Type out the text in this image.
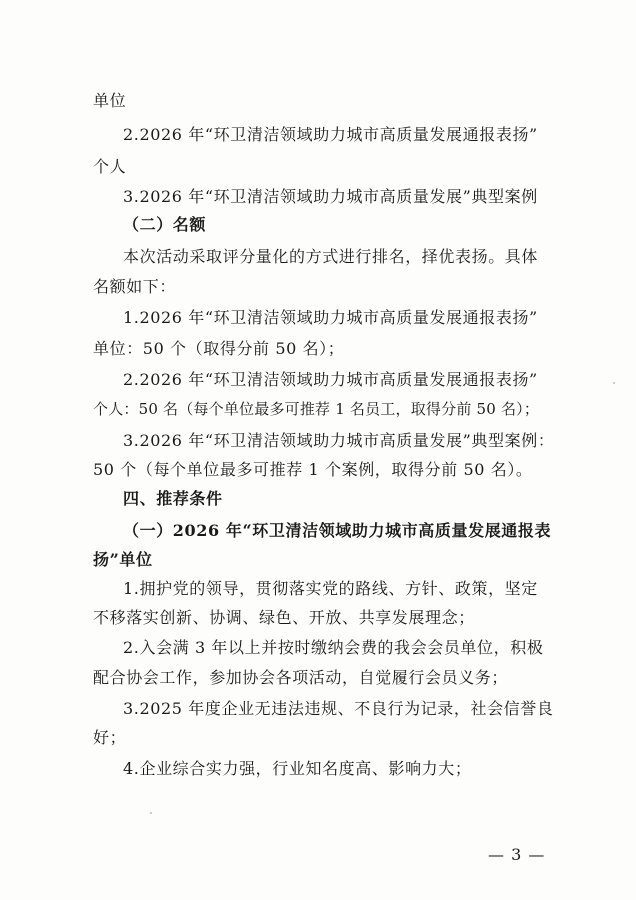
单位
2.2026 年“环卫清洁领域助力城市高质量发展通报表扬”
个人
3.2026 年“环卫清洁领域助力城市高质量发展”典型案例
（二）名额
本次活动采取评分量化的方式进行排名，择优表扬。具体
名额如下：
1.2026 年“环卫清洁领域助力城市高质量发展通报表扬”
单位：50 个（取得分前 50 名）；
2.2026 年“环卫清洁领域助力城市高质量发展通报表扬”
个人：50 名（每个单位最多可推荐 1 名员工，取得分前 50 名）；
3.2026 年“环卫清洁领域助力城市高质量发展”典型案例：
50 个（每个单位最多可推荐 1 个案例，取得分前 50 名）。
四、推荐条件
（一）2026 年“环卫清洁领域助力城市高质量发展通报表
扬”单位
1.拥护党的领导，贯彻落实党的路线、方针、政策，坚定
不移落实创新、协调、绿色、开放、共享发展理念；
2.入会满 3 年以上并按时缴纳会费的我会会员单位，积极
配合协会工作，参加协会各项活动，自觉履行会员义务；
3.2025 年度企业无违法违规、不良行为记录，社会信誉良
好；
4.企业综合实力强，行业知名度高、影响力大；
— 3 —
